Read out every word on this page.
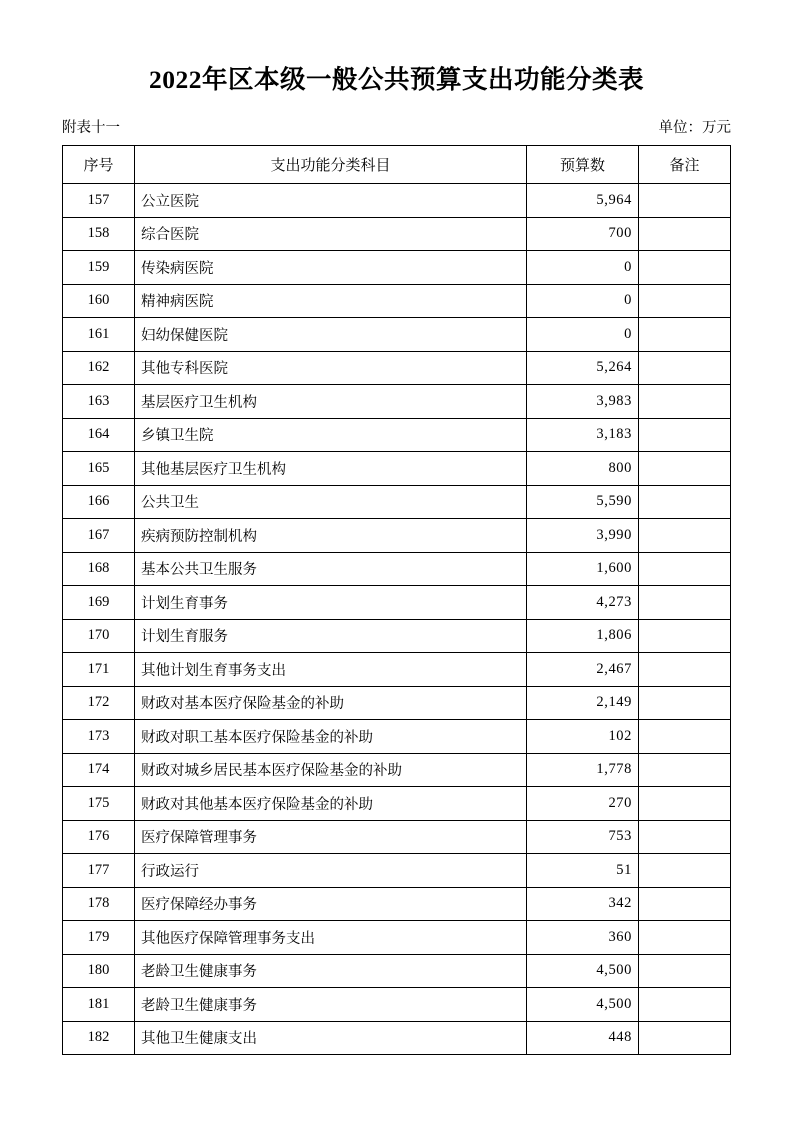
2022年区本级一般公共预算支出功能分类表
附表十一	单位：万元
序号	支出功能分类科目	预算数	备注
157	公立医院	5,964	
158	综合医院	700	
159	传染病医院	0	
160	精神病医院	0	
161	妇幼保健医院	0	
162	其他专科医院	5,264	
163	基层医疗卫生机构	3,983	
164	乡镇卫生院	3,183	
165	其他基层医疗卫生机构	800	
166	公共卫生	5,590	
167	疾病预防控制机构	3,990	
168	基本公共卫生服务	1,600	
169	计划生育事务	4,273	
170	计划生育服务	1,806	
171	其他计划生育事务支出	2,467	
172	财政对基本医疗保险基金的补助	2,149	
173	财政对职工基本医疗保险基金的补助	102	
174	财政对城乡居民基本医疗保险基金的补助	1,778	
175	财政对其他基本医疗保险基金的补助	270	
176	医疗保障管理事务	753	
177	行政运行	51	
178	医疗保障经办事务	342	
179	其他医疗保障管理事务支出	360	
180	老龄卫生健康事务	4,500	
181	老龄卫生健康事务	4,500	
182	其他卫生健康支出	448	
